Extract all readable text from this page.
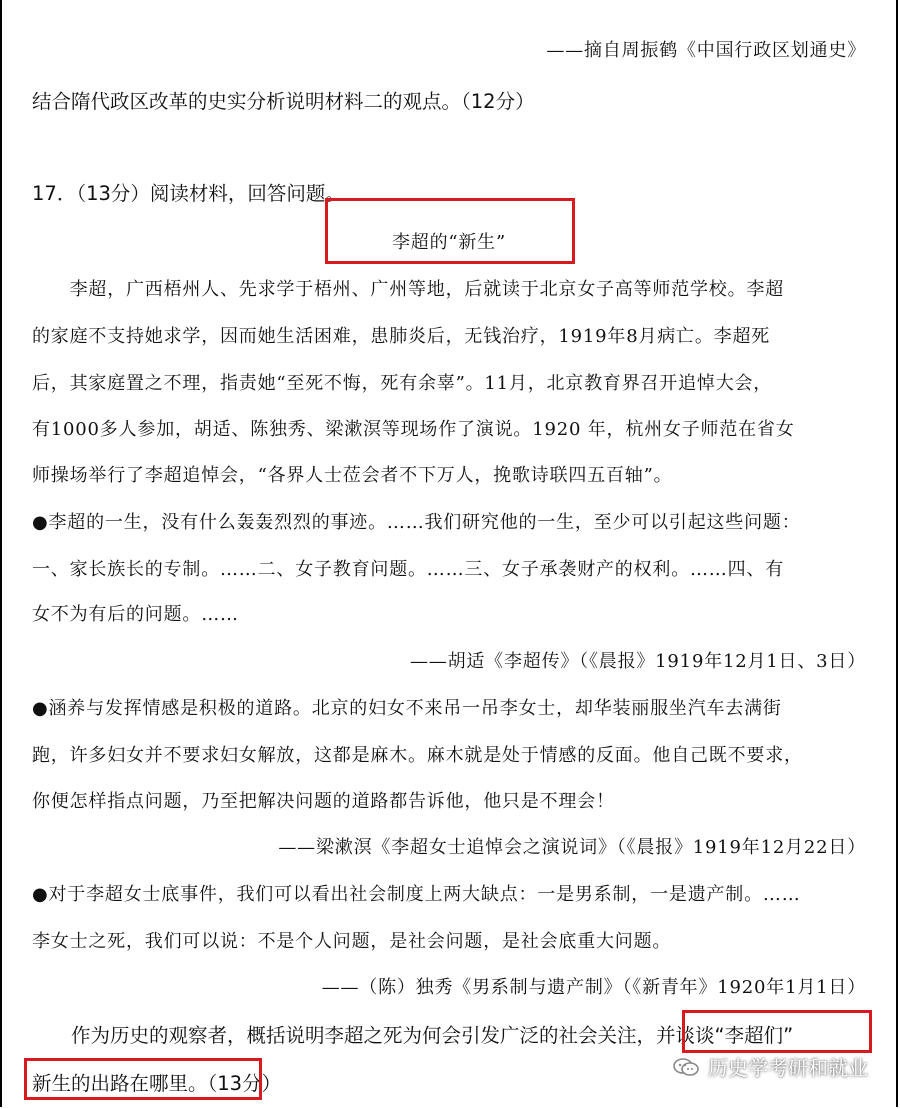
——摘自周振鹤《中国行政区划通史》
结合隋代政区改革的史实分析说明材料二的观点。（12分）
17．（13分）阅读材料，回答问题。
李超的“新生”
　　李超，广西梧州人、先求学于梧州、广州等地，后就读于北京女子高等师范学校。李超
的家庭不支持她求学，因而她生活困难，患肺炎后，无钱治疗，1919年8月病亡。李超死
后，其家庭置之不理，指责她“至死不悔，死有余辜”。11月，北京教育界召开追悼大会，
有1000多人参加，胡适、陈独秀、梁漱溟等现场作了演说。1920 年，杭州女子师范在省女
师操场举行了李超追悼会，“各界人士莅会者不下万人，挽歌诗联四五百轴”。
●李超的一生，没有什么轰轰烈烈的事迹。……我们研究他的一生，至少可以引起这些问题：
一、家长族长的专制。……二、女子教育问题。……三、女子承袭财产的权利。……四、有
女不为有后的问题。……
——胡适《李超传》（《晨报》1919年12月1日、3日）
●涵养与发挥情感是积极的道路。北京的妇女不来吊一吊李女士，却华装丽服坐汽车去满街
跑，许多妇女并不要求妇女解放，这都是麻木。麻木就是处于情感的反面。他自己既不要求，
你便怎样指点问题，乃至把解决问题的道路都告诉他，他只是不理会！
——梁漱溟《李超女士追悼会之演说词》（《晨报》1919年12月22日）
●对于李超女士底事件，我们可以看出社会制度上两大缺点：一是男系制，一是遗产制。……
李女士之死，我们可以说：不是个人问题，是社会问题，是社会底重大问题。
——（陈）独秀《男系制与遗产制》（《新青年》1920年1月1日）
　　作为历史的观察者，概括说明李超之死为何会引发广泛的社会关注，并谈谈“李超们”
新生的出路在哪里。（13分）
历史学考研和就业
